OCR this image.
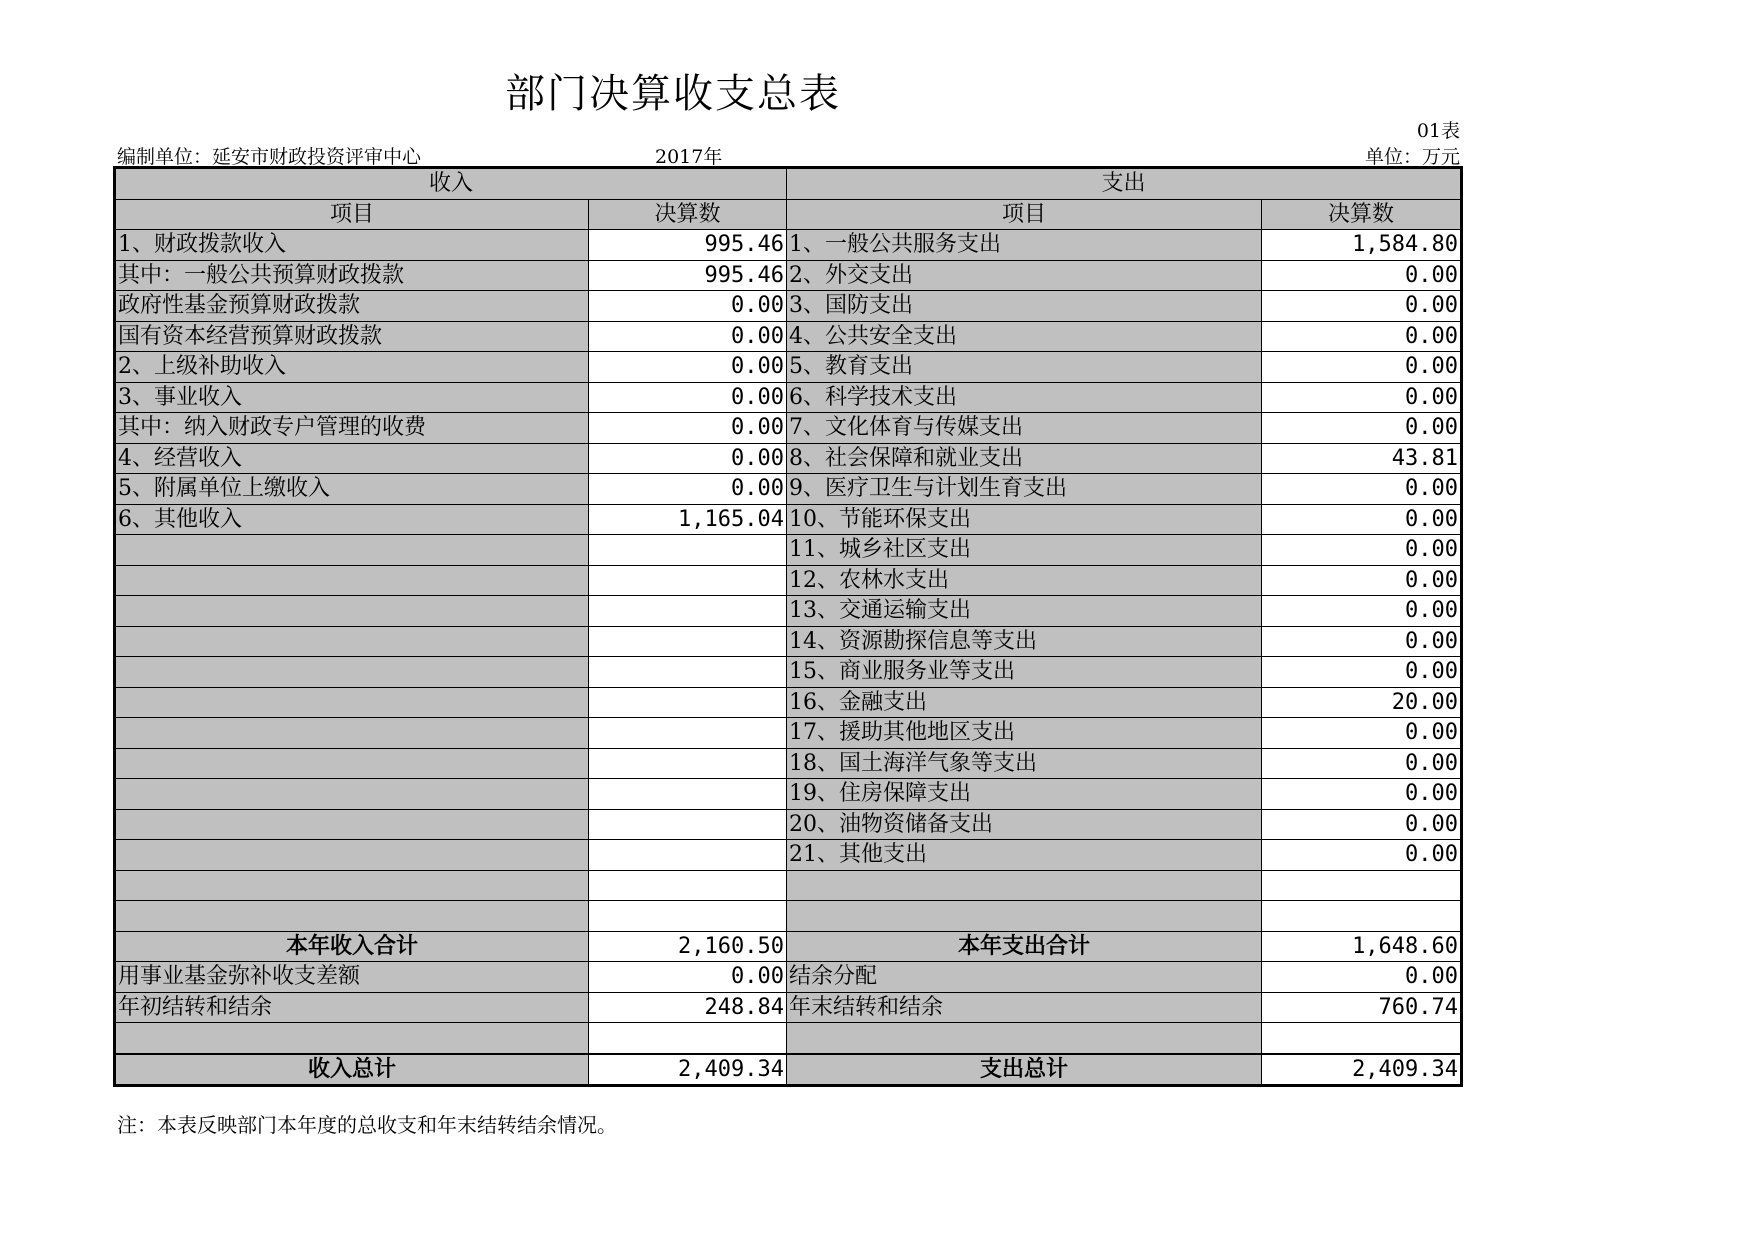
部门决算收支总表
01表
编制单位：延安市财政投资评审中心	2017年	单位：万元
收入		支出	
项目	决算数	项目	决算数
1、财政拨款收入	995.46	1、一般公共服务支出	1,584.80
其中：一般公共预算财政拨款	995.46	2、外交支出	0.00
政府性基金预算财政拨款	0.00	3、国防支出	0.00
国有资本经营预算财政拨款	0.00	4、公共安全支出	0.00
2、上级补助收入	0.00	5、教育支出	0.00
3、事业收入	0.00	6、科学技术支出	0.00
其中：纳入财政专户管理的收费	0.00	7、文化体育与传媒支出	0.00
4、经营收入	0.00	8、社会保障和就业支出	43.81
5、附属单位上缴收入	0.00	9、医疗卫生与计划生育支出	0.00
6、其他收入	1,165.04	10、节能环保支出	0.00
		11、城乡社区支出	0.00
		12、农林水支出	0.00
		13、交通运输支出	0.00
		14、资源勘探信息等支出	0.00
		15、商业服务业等支出	0.00
		16、金融支出	20.00
		17、援助其他地区支出	0.00
		18、国土海洋气象等支出	0.00
		19、住房保障支出	0.00
		20、油物资储备支出	0.00
		21、其他支出	0.00

本年收入合计	2,160.50	本年支出合计	1,648.60
用事业基金弥补收支差额	0.00	结余分配	0.00
年初结转和结余	248.84	年末结转和结余	760.74

收入总计	2,409.34	支出总计	2,409.34
注：本表反映部门本年度的总收支和年末结转结余情况。
